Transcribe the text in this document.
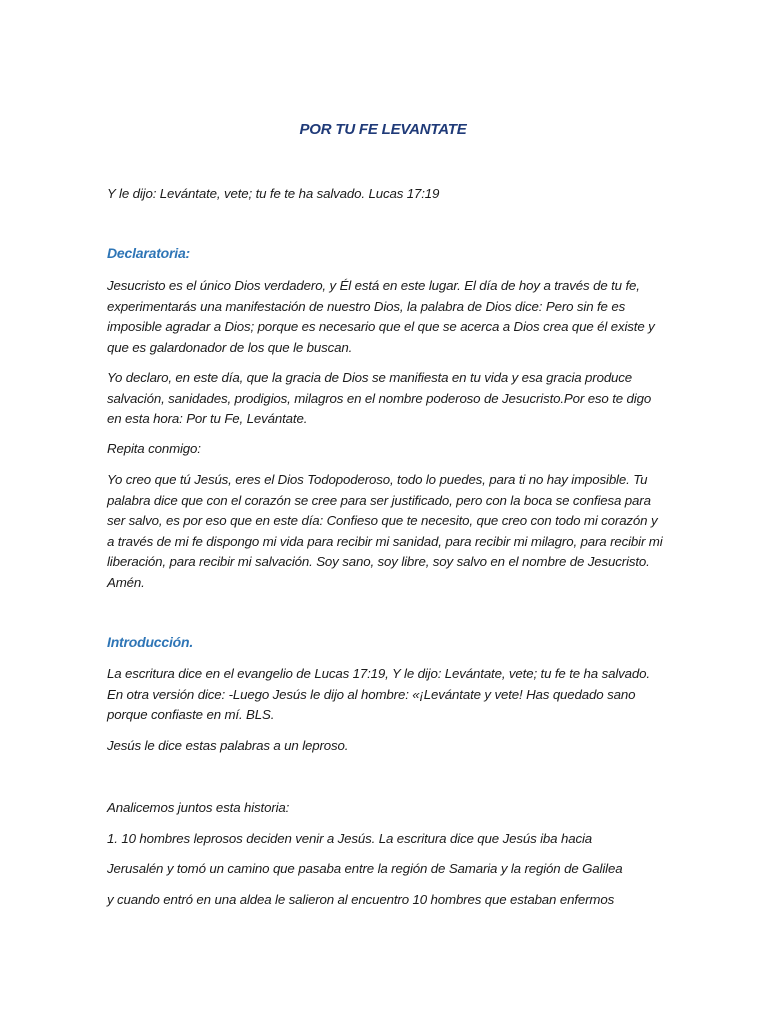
POR TU FE LEVANTATE

Y le dijo: Levántate, vete; tu fe te ha salvado. Lucas 17:19

Declaratoria:

Jesucristo es el único Dios verdadero, y Él está en este lugar. El día de hoy a través de tu fe, experimentarás una manifestación de nuestro Dios, la palabra de Dios dice: Pero sin fe es imposible agradar a Dios; porque es necesario que el que se acerca a Dios crea que él existe y que es galardonador de los que le buscan.

Yo declaro, en este día, que la gracia de Dios se manifiesta en tu vida y esa gracia produce salvación, sanidades, prodigios, milagros en el nombre poderoso de Jesucristo.Por eso te digo en esta hora: Por tu Fe, Levántate.

Repita conmigo:

Yo creo que tú Jesús, eres el Dios Todopoderoso, todo lo puedes, para ti no hay imposible. Tu palabra dice que con el corazón se cree para ser justificado, pero con la boca se confiesa para ser salvo, es por eso que en este día: Confieso que te necesito, que creo con todo mi corazón y a través de mi fe dispongo mi vida para recibir mi sanidad, para recibir mi milagro, para recibir mi liberación, para recibir mi salvación. Soy sano, soy libre, soy salvo en el nombre de Jesucristo. Amén.

Introducción.

La escritura dice en el evangelio de Lucas 17:19, Y le dijo: Levántate, vete; tu fe te ha salvado. En otra versión dice: -Luego Jesús le dijo al hombre: «¡Levántate y vete! Has quedado sano porque confiaste en mí. BLS.

Jesús le dice estas palabras a un leproso.

Analicemos juntos esta historia:

1. 10 hombres leprosos deciden venir a Jesús. La escritura dice que Jesús iba hacia

Jerusalén y tomó un camino que pasaba entre la región de Samaria y la región de Galilea

y cuando entró en una aldea le salieron al encuentro 10 hombres que estaban enfermos
